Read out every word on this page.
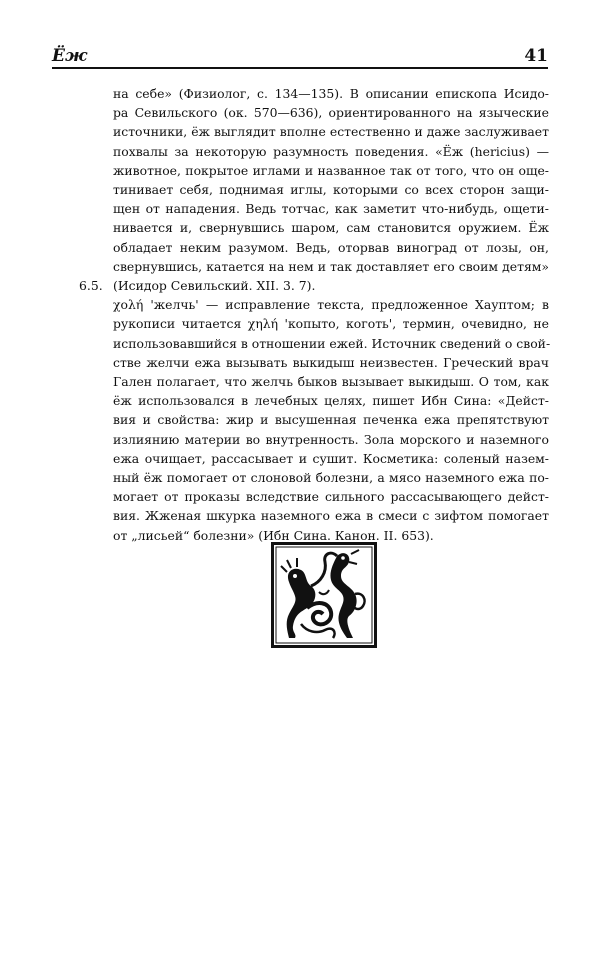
Ёж	41
6.5.
на себе» (Физиолог, с. 134—135). В описании епископа Исидо-
ра Севильского (ок. 570—636), ориентированного на языческие
источники, ёж выглядит вполне естественно и даже заслуживает
похвалы за некоторую разумность поведения. «Ёж (hericius) —
животное, покрытое иглами и названное так от того, что он още-
тинивает себя, поднимая иглы, которыми со всех сторон защи-
щен от нападения. Ведь тотчас, как заметит что-нибудь, ощети-
нивается и, свернувшись шаром, сам становится оружием. Ёж
обладает неким разумом. Ведь, оторвав виноград от лозы, он,
свернувшись, катается на нем и так доставляет его своим детям»
(Исидор Севильский. XII. 3. 7).
χολή 'желчь' — исправление текста, предложенное Хауптом; в
рукописи читается χηλή 'копыто, коготь', термин, очевидно, не
использовавшийся в отношении ежей. Источник сведений о свой-
стве желчи ежа вызывать выкидыш неизвестен. Греческий врач
Гален полагает, что желчь быков вызывает выкидыш. О том, как
ёж использовался в лечебных целях, пишет Ибн Сина: «Дейст-
вия и свойства: жир и высушенная печенка ежа препятствуют
излиянию материи во внутренность. Зола морского и наземного
ежа очищает, рассасывает и сушит. Косметика: соленый назем-
ный ёж помогает от слоновой болезни, а мясо наземного ежа по-
могает от проказы вследствие сильного рассасывающего дейст-
вия. Жженая шкурка наземного ежа в смеси с зифтом помогает
от „лисьей“ болезни» (Ибн Сина. Канон. II. 653).
